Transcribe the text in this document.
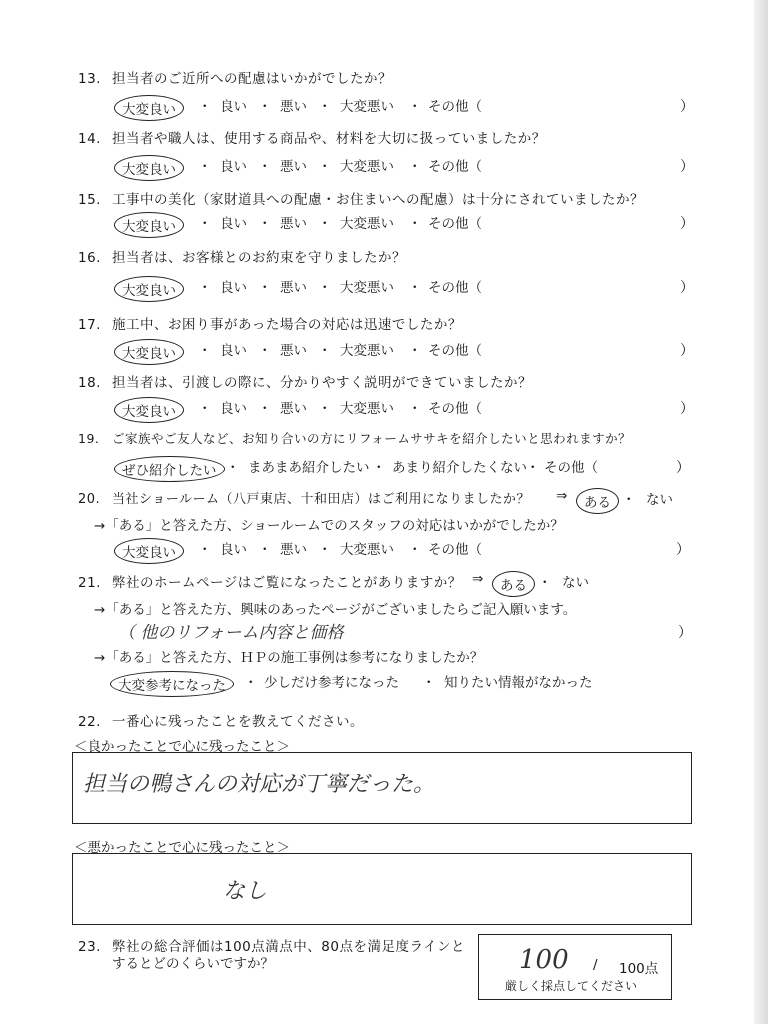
13. 担当者のご近所への配慮はいかがでしたか？
大変良い	・ 良い ・ 悪い ・ 大変悪い ・ その他（	）
14. 担当者や職人は、使用する商品や、材料を大切に扱っていましたか？
大変良い	・ 良い ・ 悪い ・ 大変悪い ・ その他（	）
15. 工事中の美化（家財道具への配慮・お住まいへの配慮）は十分にされていましたか？
大変良い	・ 良い ・ 悪い ・ 大変悪い ・ その他（	）
16. 担当者は、お客様とのお約束を守りましたか？
大変良い	・ 良い ・ 悪い ・ 大変悪い ・ その他（	）
17. 施工中、お困り事があった場合の対応は迅速でしたか？
大変良い	・ 良い ・ 悪い ・ 大変悪い ・ その他（	）
18. 担当者は、引渡しの際に、分かりやすく説明ができていましたか？
大変良い	・ 良い ・ 悪い ・ 大変悪い ・ その他（	）
19. ご家族やご友人など、お知り合いの方にリフォームササキを紹介したいと思われますか？
ぜひ紹介したい ・ まあまあ紹介したい ・ あまり紹介したくない ・ その他（	）
20. 当社ショールーム（八戸東店、十和田店）はご利用になりましたか？ ⇒	ある ・ ない
→「ある」と答えた方、ショールームでのスタッフの対応はいかがでしたか？
大変良い	・ 良い ・ 悪い ・ 大変悪い ・ その他（	）
21. 弊社のホームページはご覧になったことがありますか？ ⇒	ある ・ ない
→「ある」と答えた方、興味のあったページがございましたらご記入願います。
（ 他のリフォーム内容と価格	）
→「ある」と答えた方、ＨＰの施工事例は参考になりましたか？
大変参考になった	・ 少しだけ参考になった ・ 知りたい情報がなかった
22. 一番心に残ったことを教えてください。
＜良かったことで心に残ったこと＞
担当の鴨さんの対応が丁寧だった。
＜悪かったことで心に残ったこと＞
なし
23. 弊社の総合評価は100点満点中、80点を満足度ラインと
するとどのくらいですか？	100 / 100点
厳しく採点してください
